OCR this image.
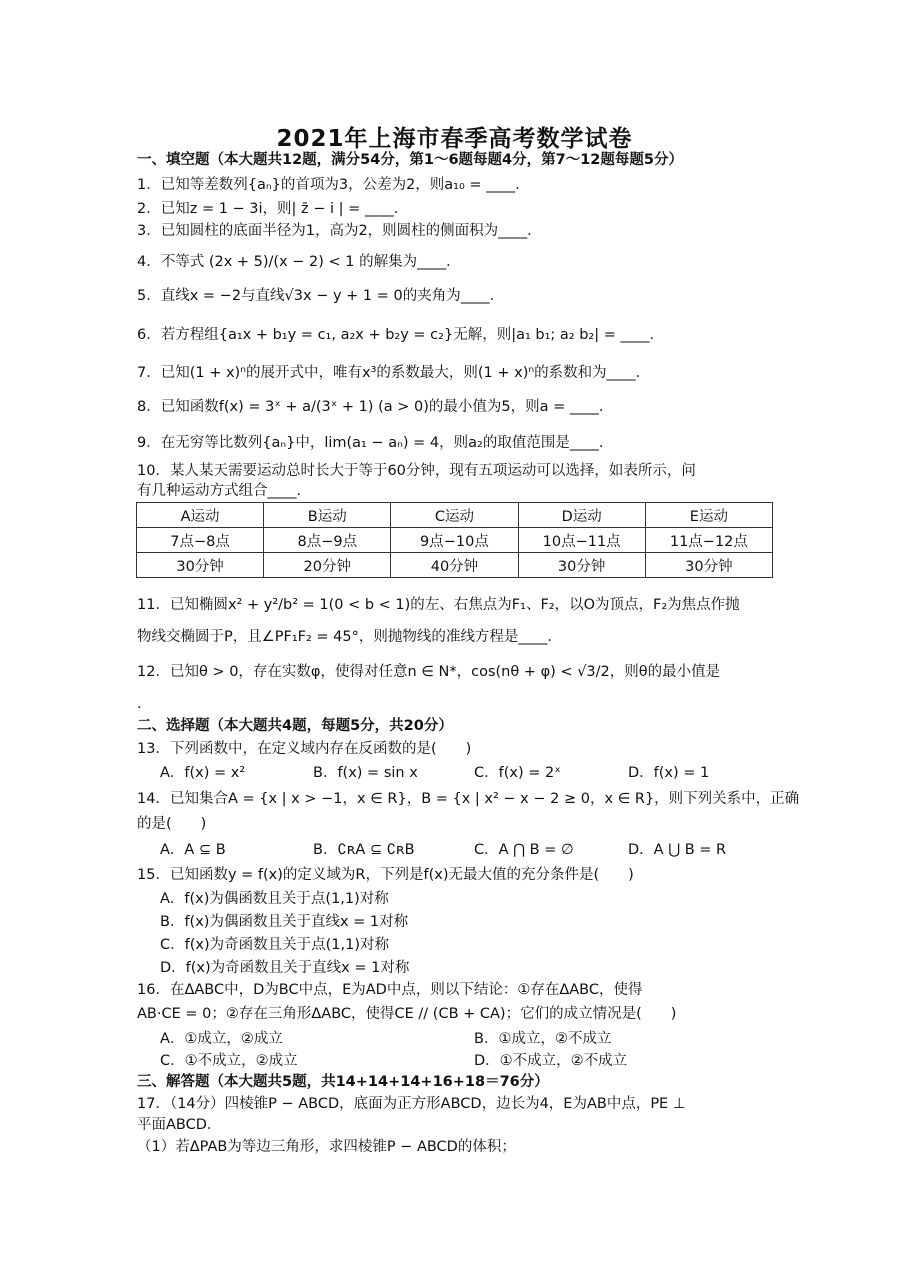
2021年上海市春季高考数学试卷
一、填空题（本大题共12题，满分54分，第1～6题每题4分，第7～12题每题5分）
1．已知等差数列{aₙ}的首项为3，公差为2，则a₁₀ = ____．
2．已知z = 1 − 3i，则| z̄ − i | = ____．
3．已知圆柱的底面半径为1，高为2，则圆柱的侧面积为____．
4．不等式 (2x + 5)/(x − 2) < 1 的解集为____．
5．直线x = −2与直线√3x − y + 1 = 0的夹角为____．
6．若方程组{a₁x + b₁y = c₁, a₂x + b₂y = c₂}无解，则|a₁ b₁; a₂ b₂| = ____．
7．已知(1 + x)ⁿ的展开式中，唯有x³的系数最大，则(1 + x)ⁿ的系数和为____．
8．已知函数f(x) = 3ˣ + a/(3ˣ + 1) (a > 0)的最小值为5，则a = ____．
9．在无穷等比数列{aₙ}中，lim(a₁ − aₙ) = 4，则a₂的取值范围是____．
10．某人某天需要运动总时长大于等于60分钟，现有五项运动可以选择，如表所示，问
有几种运动方式组合____．
A运动	B运动	C运动	D运动	E运动
7点−8点	8点−9点	9点−10点	10点−11点	11点−12点
30分钟	20分钟	40分钟	30分钟	30分钟
11．已知椭圆x² + y²/b² = 1(0 < b < 1)的左、右焦点为F₁、F₂，以O为顶点，F₂为焦点作抛
物线交椭圆于P，且∠PF₁F₂ = 45°，则抛物线的准线方程是____．
12．已知θ > 0，存在实数φ，使得对任意n ∈ N*，cos(nθ + φ) < √3/2，则θ的最小值是
．
二、选择题（本大题共4题，每题5分，共20分）
13．下列函数中，在定义域内存在反函数的是(　　)
A．f(x) = x²	B．f(x) = sin x	C．f(x) = 2ˣ	D．f(x) = 1
14．已知集合A = {x | x > −1，x ∈ R}，B = {x | x² − x − 2 ≥ 0，x ∈ R}，则下列关系中，正确
的是(　　)
A．A ⊆ B	B．∁ʀA ⊆ ∁ʀB	C．A ⋂ B = ∅	D．A ⋃ B = R
15．已知函数y = f(x)的定义域为R，下列是f(x)无最大值的充分条件是(　　)
A．f(x)为偶函数且关于点(1,1)对称
B．f(x)为偶函数且关于直线x = 1对称
C．f(x)为奇函数且关于点(1,1)对称
D．f(x)为奇函数且关于直线x = 1对称
16．在ΔABC中，D为BC中点，E为AD中点，则以下结论：①存在ΔABC，使得
AB·CE = 0；②存在三角形ΔABC，使得CE // (CB + CA)；它们的成立情况是(　　)
A．①成立，②成立	B．①成立，②不成立
C．①不成立，②成立	D．①不成立，②不成立
三、解答题（本大题共5题，共14+14+14+16+18＝76分）
17．（14分）四棱锥P − ABCD，底面为正方形ABCD，边长为4，E为AB中点，PE ⊥
平面ABCD．
（1）若ΔPAB为等边三角形，求四棱锥P − ABCD的体积；
